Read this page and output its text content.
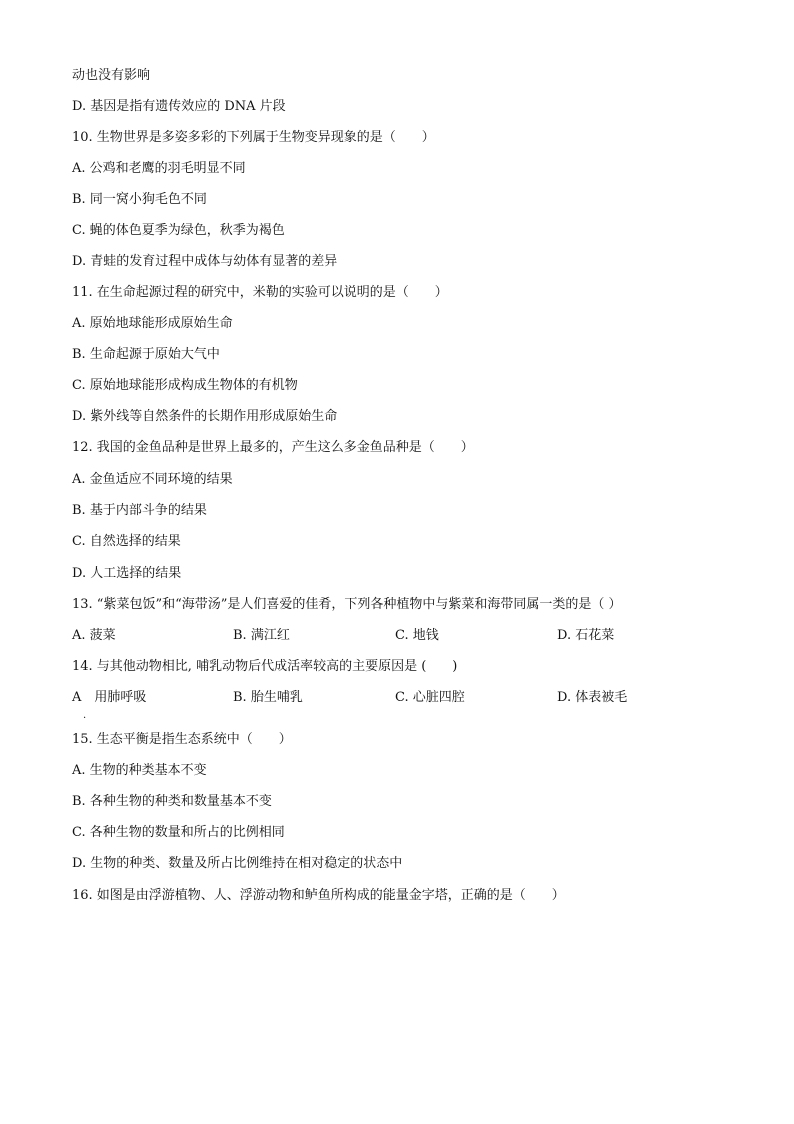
动也没有影响
D. 基因是指有遗传效应的 DNA 片段
10. 生物世界是多姿多彩的下列属于生物变异现象的是（　　）
A. 公鸡和老鹰的羽毛明显不同
B. 同一窝小狗毛色不同
C. 蝇的体色夏季为绿色，秋季为褐色
D. 青蛙的发育过程中成体与幼体有显著的差异
11. 在生命起源过程的研究中，米勒的实验可以说明的是（　　）
A. 原始地球能形成原始生命
B. 生命起源于原始大气中
C. 原始地球能形成构成生物体的有机物
D. 紫外线等自然条件的长期作用形成原始生命
12. 我国的金鱼品种是世界上最多的，产生这么多金鱼品种是（　　）
A. 金鱼适应不同环境的结果
B. 基于内部斗争的结果
C. 自然选择的结果
D. 人工选择的结果
13. “紫菜包饭”和“海带汤”是人们喜爱的佳肴，下列各种植物中与紫菜和海带同属一类的是（ ）
A. 菠菜	B. 满江红	C. 地钱	D. 石花菜
14. 与其他动物相比, 哺乳动物后代成活率较高的主要原因是 (　　)
A　用肺呼吸
.
B. 胎生哺乳	C. 心脏四腔	D. 体表被毛
15. 生态平衡是指生态系统中（　　）
A. 生物的种类基本不变
B. 各种生物的种类和数量基本不变
C. 各种生物的数量和所占的比例相同
D. 生物的种类、数量及所占比例维持在相对稳定的状态中
16. 如图是由浮游植物、人、浮游动物和鲈鱼所构成的能量金字塔，正确的是（　　）
